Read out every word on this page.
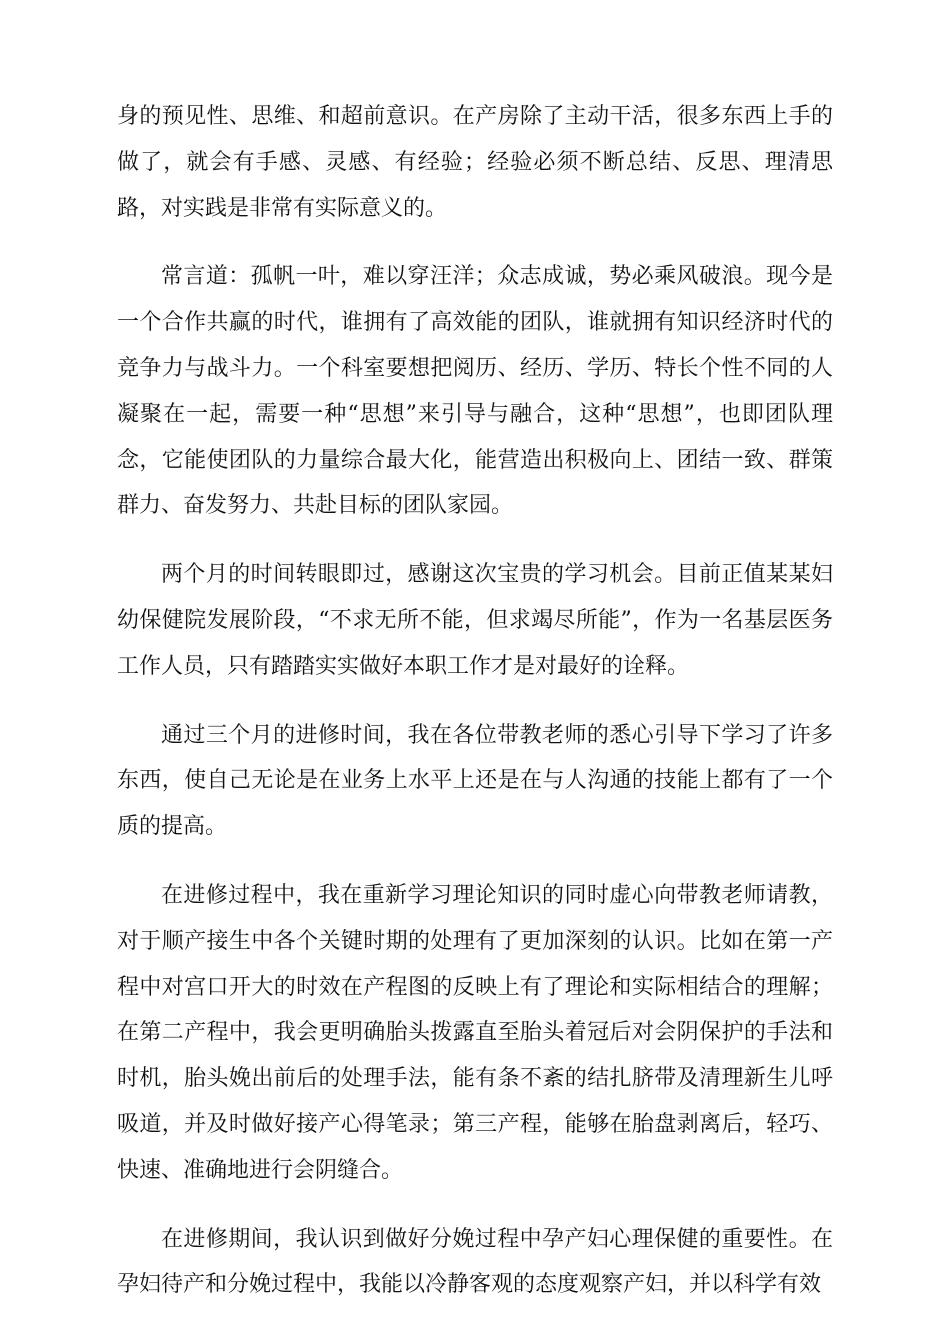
身的预见性、思维、和超前意识。在产房除了主动干活，很多东西上手的做了，就会有手感、灵感、有经验；经验必须不断总结、反思、理清思路，对实践是非常有实际意义的。

常言道：孤帆一叶，难以穿汪洋；众志成诚，势必乘风破浪。现今是一个合作共赢的时代，谁拥有了高效能的团队，谁就拥有知识经济时代的竞争力与战斗力。一个科室要想把阅历、经历、学历、特长个性不同的人凝聚在一起，需要一种“思想”来引导与融合，这种“思想”，也即团队理念，它能使团队的力量综合最大化，能营造出积极向上、团结一致、群策群力、奋发努力、共赴目标的团队家园。

两个月的时间转眼即过，感谢这次宝贵的学习机会。目前正值某某妇幼保健院发展阶段，“不求无所不能，但求竭尽所能”，作为一名基层医务工作人员，只有踏踏实实做好本职工作才是对最好的诠释。

通过三个月的进修时间，我在各位带教老师的悉心引导下学习了许多东西，使自己无论是在业务上水平上还是在与人沟通的技能上都有了一个质的提高。

在进修过程中，我在重新学习理论知识的同时虚心向带教老师请教，对于顺产接生中各个关键时期的处理有了更加深刻的认识。比如在第一产程中对宫口开大的时效在产程图的反映上有了理论和实际相结合的理解；在第二产程中，我会更明确胎头拨露直至胎头着冠后对会阴保护的手法和时机，胎头娩出前后的处理手法，能有条不紊的结扎脐带及清理新生儿呼吸道，并及时做好接产心得笔录；第三产程，能够在胎盘剥离后，轻巧、快速、准确地进行会阴缝合。

在进修期间，我认识到做好分娩过程中孕产妇心理保健的重要性。在孕妇待产和分娩过程中，我能以冷静客观的态度观察产妇，并以科学有效
